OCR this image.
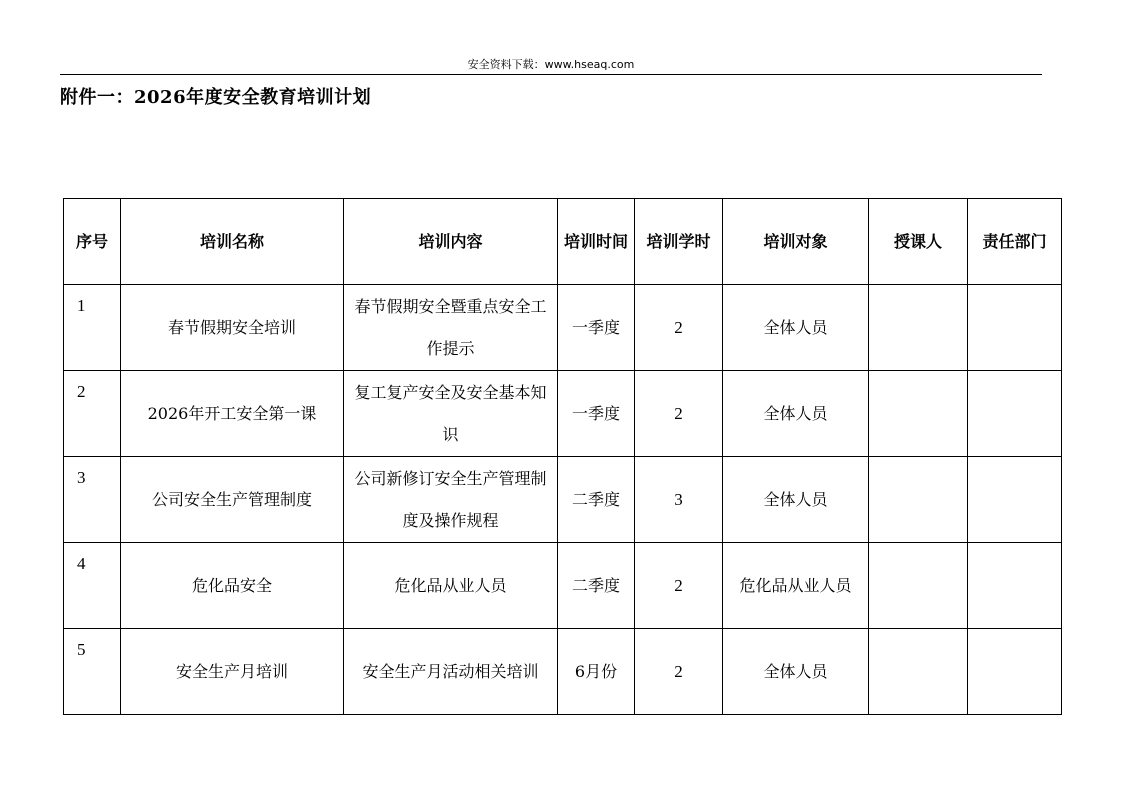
安全资料下载：www.hseaq.com
附件一：2026年度安全教育培训计划
序号	培训名称	培训内容	培训时间	培训学时	培训对象	授课人	责任部门
1	春节假期安全培训	春节假期安全暨重点安全工作提示	一季度	2	全体人员		
2	2026年开工安全第一课	复工复产安全及安全基本知识	一季度	2	全体人员		
3	公司安全生产管理制度	公司新修订安全生产管理制度及操作规程	二季度	3	全体人员		
4	危化品安全	危化品从业人员	二季度	2	危化品从业人员		
5	安全生产月培训	安全生产月活动相关培训	6月份	2	全体人员		
